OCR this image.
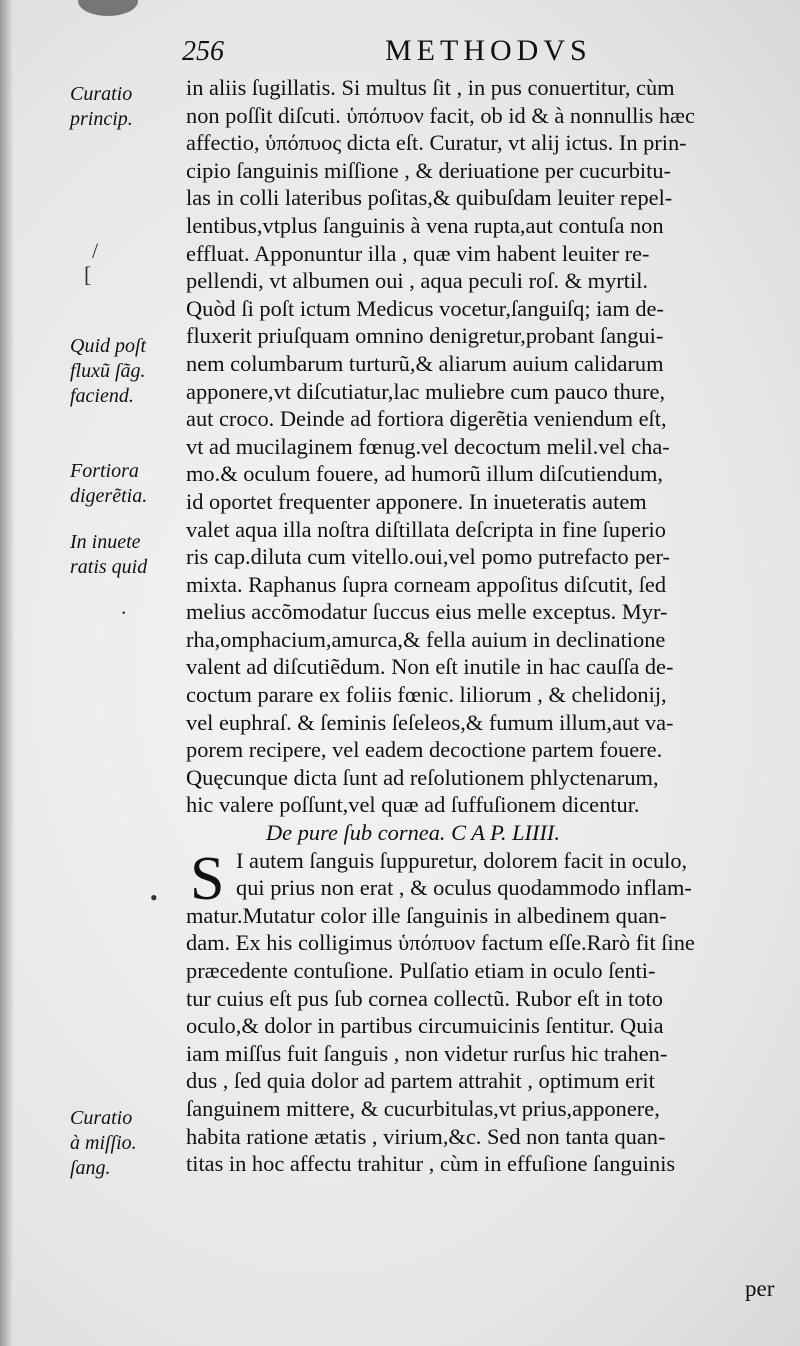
256	METHODVS
in aliis ſugillatis. Si multus ſit , in pus conuertitur, cùm
non poſſit diſcuti. ὑπόπυον facit, ob id & à nonnullis hæc
affectio, ὑπόπυος dicta eſt. Curatur, vt alij ictus. In prin-
cipio ſanguinis miſſione , & deriuatione per cucurbitu-
las in colli lateribus poſitas,& quibuſdam leuiter repel-
lentibus,vtplus ſanguinis à vena rupta,aut contuſa non
effluat. Apponuntur illa , quæ vim habent leuiter re-
pellendi, vt albumen oui , aqua peculi roſ. & myrtil.
Quòd ſi poſt ictum Medicus vocetur,ſanguiſq; iam de-
fluxerit priuſquam omnino denigretur,probant ſangui-
nem columbarum turturũ,& aliarum auium calidarum
apponere,vt diſcutiatur,lac muliebre cum pauco thure,
aut croco. Deinde ad fortiora digerẽtia veniendum eſt,
vt ad mucilaginem fœnug.vel decoctum melil.vel cha-
mo.& oculum fouere, ad humorũ illum diſcutiendum,
id oportet frequenter apponere. In inueteratis autem
valet aqua illa noſtra diſtillata deſcripta in fine ſuperio
ris cap.diluta cum vitello.oui,vel pomo putrefacto per-
mixta. Raphanus ſupra corneam appoſitus diſcutit, ſed
melius accõmodatur ſuccus eius melle exceptus. Myr-
rha,omphacium,amurca,& fella auium in declinatione
valent ad diſcutiẽdum. Non eſt inutile in hac cauſſa de-
coctum parare ex foliis fœnic. liliorum , & chelidonij,
vel euphraſ. & ſeminis ſeſeleos,& fumum illum,aut va-
porem recipere, vel eadem decoctione partem fouere.
Quęcunque dicta ſunt ad reſolutionem phlyctenarum,
hic valere poſſunt,vel quæ ad ſuffuſionem dicentur.
De pure ſub cornea. C A P. LIIII.
S I autem ſanguis ſuppuretur, dolorem facit in oculo,
qui prius non erat , & oculus quodammodo inflam-
matur.Mutatur color ille ſanguinis in albedinem quan-
dam. Ex his colligimus ὑπόπυον factum eſſe.Rarò fit ſine
præcedente contuſione. Pulſatio etiam in oculo ſenti-
tur cuius eſt pus ſub cornea collectũ. Rubor eſt in toto
oculo,& dolor in partibus circumuicinis ſentitur. Quia
iam miſſus fuit ſanguis , non videtur rurſus hic trahen-
dus , ſed quia dolor ad partem attrahit , optimum erit
ſanguinem mittere, & cucurbitulas,vt prius,apponere,
habita ratione ætatis , virium,&c. Sed non tanta quan-
titas in hoc affectu trahitur , cùm in effuſione ſanguinis
Curatio
princip.
Quid poſt
fluxũ ſãg.
faciend.
Fortiora
digerẽtia.
In inuete
ratis quid
Curatio
à miſſio.
ſang.
/
[
·
•
per
